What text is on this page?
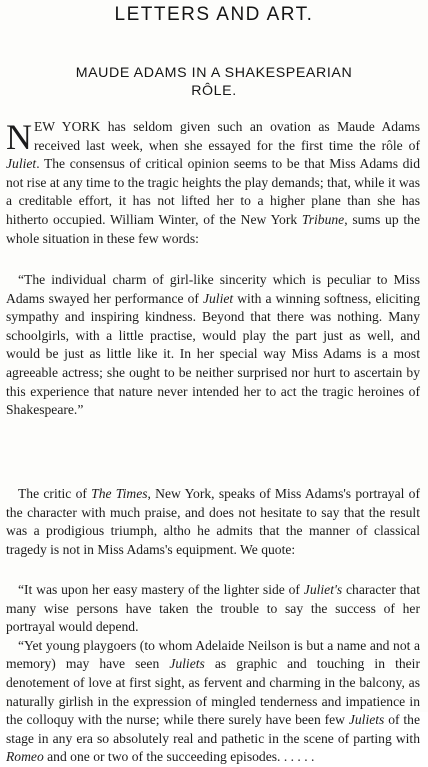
LETTERS AND ART.
MAUDE ADAMS IN A SHAKESPEARIAN
RÔLE.
NEW YORK has seldom given such an ovation as Maude Adams received last week, when she essayed for the first time the rôle of Juliet. The consensus of critical opinion seems to be that Miss Adams did not rise at any time to the tragic heights the play demands; that, while it was a creditable effort, it has not lifted her to a higher plane than she has hitherto occupied. William Winter, of the New York Tribune, sums up the whole situation in these few words:

“The individual charm of girl-like sincerity which is peculiar to Miss Adams swayed her performance of Juliet with a winning softness, eliciting sympathy and inspiring kindness. Beyond that there was nothing. Many schoolgirls, with a little practise, would play the part just as well, and would be just as little like it. In her special way Miss Adams is a most agreeable actress; she ought to be neither surprised nor hurt to ascertain by this experience that nature never intended her to act the tragic heroines of Shakespeare.”

The critic of The Times, New York, speaks of Miss Adams's portrayal of the character with much praise, and does not hesitate to say that the result was a prodigious triumph, altho he admits that the manner of classical tragedy is not in Miss Adams's equipment. We quote:

“It was upon her easy mastery of the lighter side of Juliet's character that many wise persons have taken the trouble to say the success of her portrayal would depend.

“Yet young playgoers (to whom Adelaide Neilson is but a name and not a memory) may have seen Juliets as graphic and touching in their denotement of love at first sight, as fervent and charming in the balcony, as naturally girlish in the expression of mingled tenderness and impatience in the colloquy with the nurse; while there surely have been few Juliets of the stage in any era so absolutely real and pathetic in the scene of parting with Romeo and one or two of the succeeding episodes. . . . . .
